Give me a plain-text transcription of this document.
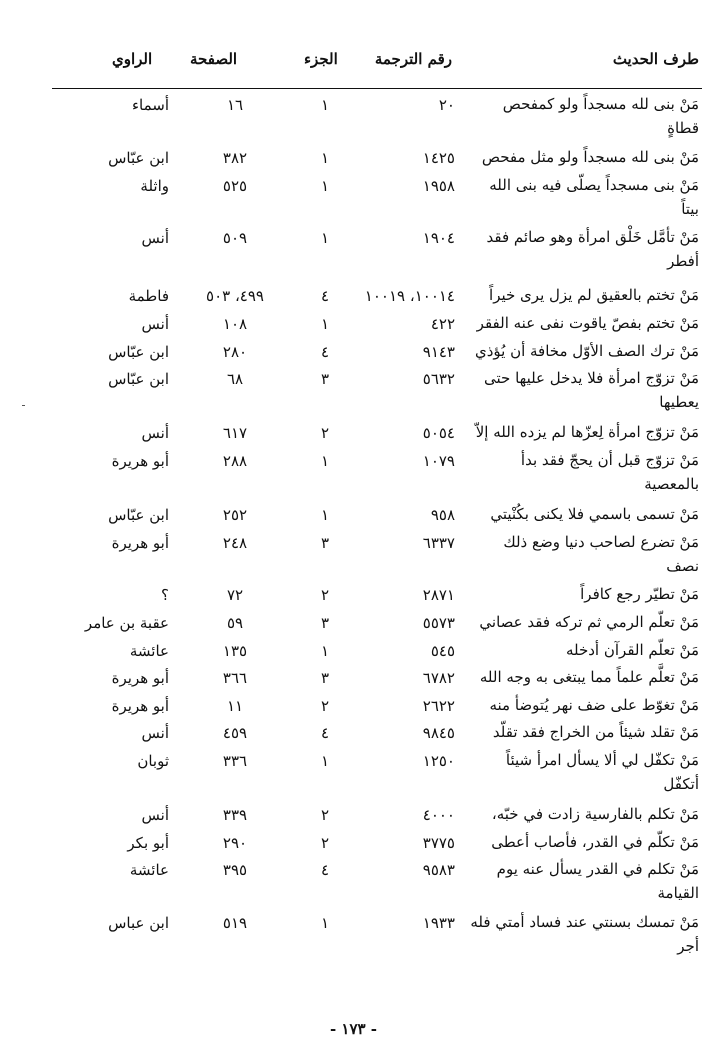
طرف الحديث
رقم الترجمة
الجزء
الصفحة
الراوي
مَنْ بنى لله مسجداً ولو كمفحص قطاةٍ
٢٠
١
١٦
أسماء
مَنْ بنى لله مسجداً ولو مثل مفحص
١٤٢٥
١
٣٨٢
ابن عبّاس
مَنْ بنى مسجداً يصلّى فيه بنى الله بيتاً
١٩٥٨
١
٥٢٥
واثلة
مَنْ تأمَّل خَلْق امرأة وهو صائم فقد أفطر
١٩٠٤
١
٥٠٩
أنس
مَنْ تختم بالعقيق لم يزل يرى خيراً
١٠٠١٤، ١٠٠١٩
٤
٤٩٩، ٥٠٣
فاطمة
مَنْ تختم بفصّ ياقوت نفى عنه الفقر
٤٢٢
١
١٠٨
أنس
مَنْ ترك الصف الأوّل مخافة أن يُؤذي
٩١٤٣
٤
٢٨٠
ابن عبّاس
مَنْ تزوّج امرأة فلا يدخل عليها حتى يعطيها
٥٦٣٢
٣
٦٨
ابن عبّاس
مَنْ تزوّج امرأة لِعزّها لم يزده الله إلاّ
٥٠٥٤
٢
٦١٧
أنس
مَنْ تزوّج قبل أن يحجّ فقد بدأ بالمعصية
١٠٧٩
١
٢٨٨
أبو هريرة
مَنْ تسمى باسمي فلا يكنى بكُنْيتي
٩٥٨
١
٢٥٢
ابن عبّاس
مَنْ تضرع لصاحب دنيا وضع ذلك نصف
٦٣٣٧
٣
٢٤٨
أبو هريرة
مَنْ تطيّر رجع كافراً
٢٨٧١
٢
٧٢
؟
مَنْ تعلّم الرمي ثم تركه فقد عصاني
٥٥٧٣
٣
٥٩
عقبة بن عامر
مَنْ تعلّم القرآن أدخله
٥٤٥
١
١٣٥
عائشة
مَنْ تعلَّم علماً مما يبتغى به وجه الله
٦٧٨٢
٣
٣٦٦
أبو هريرة
مَنْ تغوّط على ضف نهر يُتوضأ منه
٢٦٢٢
٢
١١
أبو هريرة
مَنْ تقلد شيئاً من الخراج فقد تقلّد
٩٨٤٥
٤
٤٥٩
أنس
مَنْ تكفّل لي ألا يسأل امرأ شيئاً أتكفّل
١٢٥٠
١
٣٣٦
ثوبان
مَنْ تكلم بالفارسية زادت في خبّه،
٤٠٠٠
٢
٣٣٩
أنس
مَنْ تكلّم في القدر، فأصاب أعطى
٣٧٧٥
٢
٢٩٠
أبو بكر
مَنْ تكلم في القدر يسأل عنه يوم القيامة
٩٥٨٣
٤
٣٩٥
عائشة
مَنْ تمسك بسنتي عند فساد أمتي فله أجر
١٩٣٣
١
٥١٩
ابن عباس
- ١٧٣ -
